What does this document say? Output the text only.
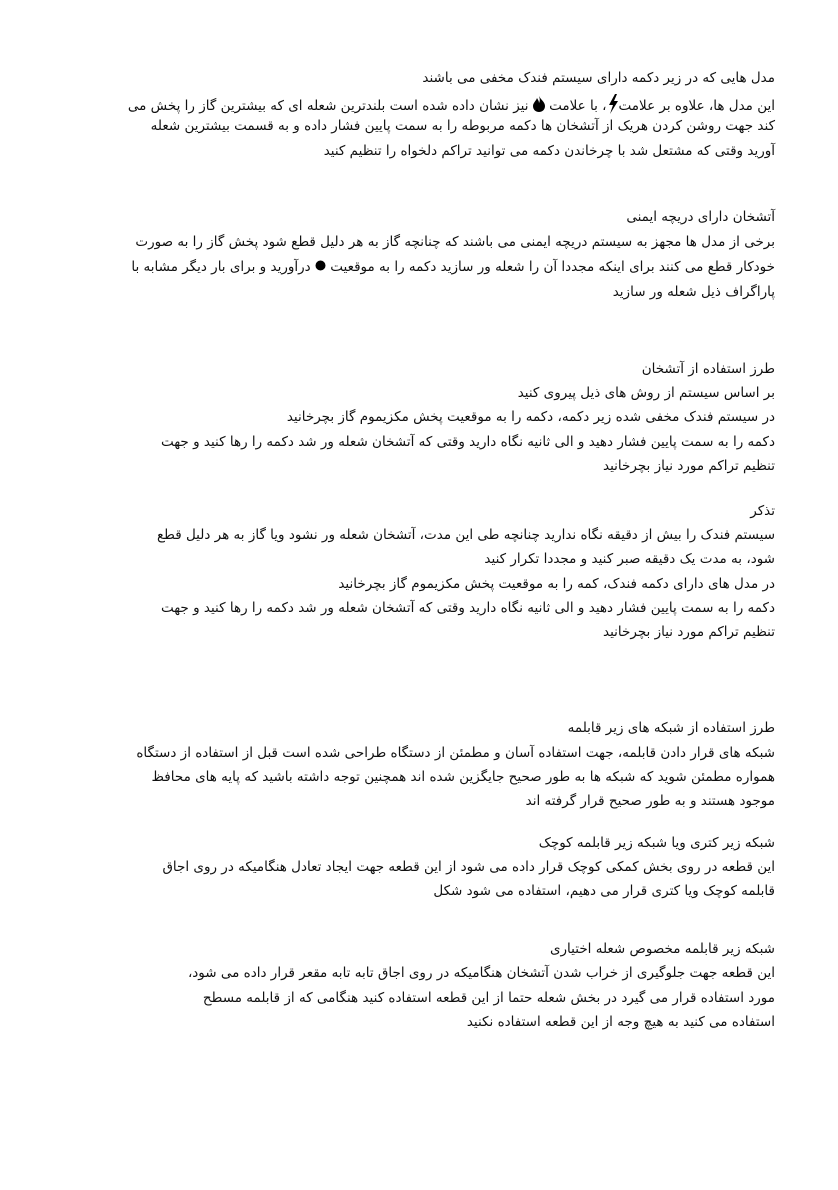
مدل هایی که در زیر دکمه دارای سیستم فندک مخفی می باشند
این مدل ها، علاوه بر علامت، با علامت  نیز نشان داده شده است بلندترین شعله ای که بیشترین گاز را پخش می
کند جهت روشن کردن هریک از آتشخان ها دکمه مربوطه را به سمت پایین فشار داده و به قسمت بیشترین شعله
آورید وقتی که مشتعل شد با چرخاندن دکمه می توانید تراکم دلخواه را تنظیم کنید
آتشخان دارای دریچه ایمنی
برخی از مدل ها مجهز به سیستم دریچه ایمنی می باشند که چنانچه گاز به هر دلیل قطع شود پخش گاز را به صورت
خودکار قطع می کنند برای اینکه مجددا آن را شعله ور سازید دکمه را به موقعیت  درآورید و برای بار دیگر مشابه با
پاراگراف ذیل شعله ور سازید
طرز استفاده از آتشخان
بر اساس سیستم از روش های ذیل پیروی کنید
در سیستم فندک مخفی شده زیر دکمه، دکمه را به موقعیت پخش مکزیموم گاز بچرخانید
دکمه را به سمت پایین فشار دهید و الی ثانیه نگاه دارید وقتی که آتشخان شعله ور شد دکمه را رها کنید و جهت
تنظیم تراکم مورد نیاز بچرخانید
تذکر
سیستم فندک را بیش از دقیقه نگاه ندارید چنانچه طی این مدت، آتشخان شعله ور نشود ویا گاز به هر دلیل قطع
شود، به مدت یک دقیقه صبر کنید و مجددا تکرار کنید
در مدل های دارای دکمه فندک، کمه را به موقعیت پخش مکزیموم گاز بچرخانید
دکمه را به سمت پایین فشار دهید و الی ثانیه نگاه دارید وقتی که آتشخان شعله ور شد دکمه را رها کنید و جهت
تنظیم تراکم مورد نیاز بچرخانید
طرز استفاده از شبکه های زیر قابلمه
شبکه های قرار دادن قابلمه، جهت استفاده آسان و مطمئن از دستگاه طراحی شده است قبل از استفاده از دستگاه
همواره مطمئن شوید که شبکه ها به طور صحیح جایگزین شده اند همچنین توجه داشته باشید که پایه های محافظ
موجود هستند و به طور صحیح قرار گرفته اند
شبکه زیر کتری ویا شبکه زیر قابلمه کوچک
این قطعه در روی بخش کمکی کوچک قرار داده می شود از این قطعه جهت ایجاد تعادل هنگامیکه در روی اجاق
قابلمه کوچک ویا کتری قرار می دهیم، استفاده می شود شکل
شبکه زیر قابلمه مخصوص شعله اختیاری
این قطعه جهت جلوگیری از خراب شدن آتشخان هنگامیکه در روی اجاق تابه تابه مقعر قرار داده می شود،
مورد استفاده قرار می گیرد در بخش شعله حتما از این قطعه استفاده کنید هنگامی که از قابلمه مسطح
استفاده می کنید به هیچ وجه از این قطعه استفاده نکنید
